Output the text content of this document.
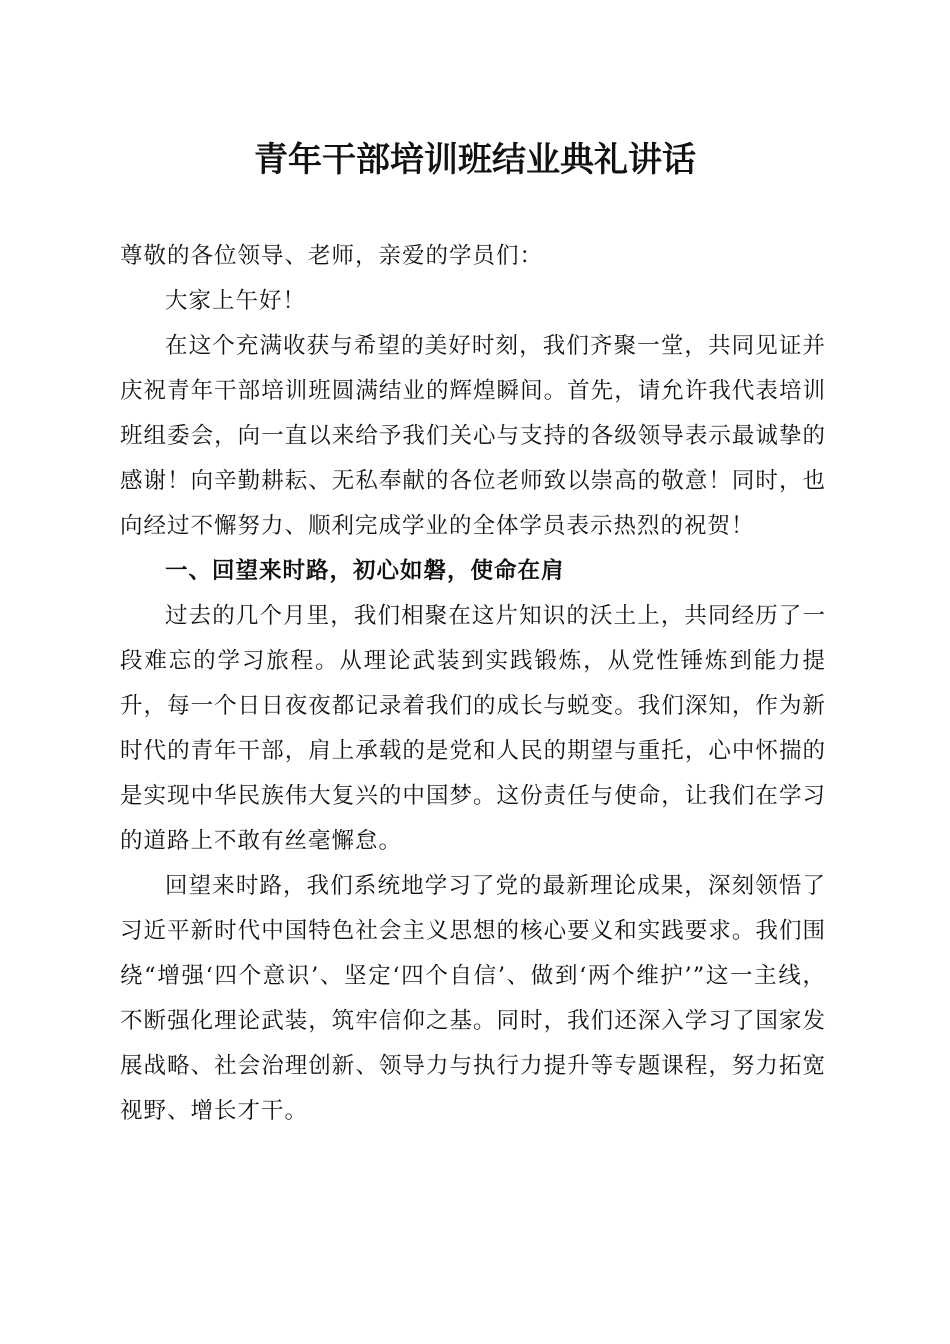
青年干部培训班结业典礼讲话

尊敬的各位领导、老师，亲爱的学员们：

大家上午好！

在这个充满收获与希望的美好时刻，我们齐聚一堂，共同见证并庆祝青年干部培训班圆满结业的辉煌瞬间。首先，请允许我代表培训班组委会，向一直以来给予我们关心与支持的各级领导表示最诚挚的感谢！向辛勤耕耘、无私奉献的各位老师致以崇高的敬意！同时，也向经过不懈努力、顺利完成学业的全体学员表示热烈的祝贺！

一、回望来时路，初心如磐，使命在肩

过去的几个月里，我们相聚在这片知识的沃土上，共同经历了一段难忘的学习旅程。从理论武装到实践锻炼，从党性锤炼到能力提升，每一个日日夜夜都记录着我们的成长与蜕变。我们深知，作为新时代的青年干部，肩上承载的是党和人民的期望与重托，心中怀揣的是实现中华民族伟大复兴的中国梦。这份责任与使命，让我们在学习的道路上不敢有丝毫懈怠。

回望来时路，我们系统地学习了党的最新理论成果，深刻领悟了习近平新时代中国特色社会主义思想的核心要义和实践要求。我们围绕“增强‘四个意识’、坚定‘四个自信’、做到‘两个维护’”这一主线，不断强化理论武装，筑牢信仰之基。同时，我们还深入学习了国家发展战略、社会治理创新、领导力与执行力提升等专题课程，努力拓宽视野、增长才干。
